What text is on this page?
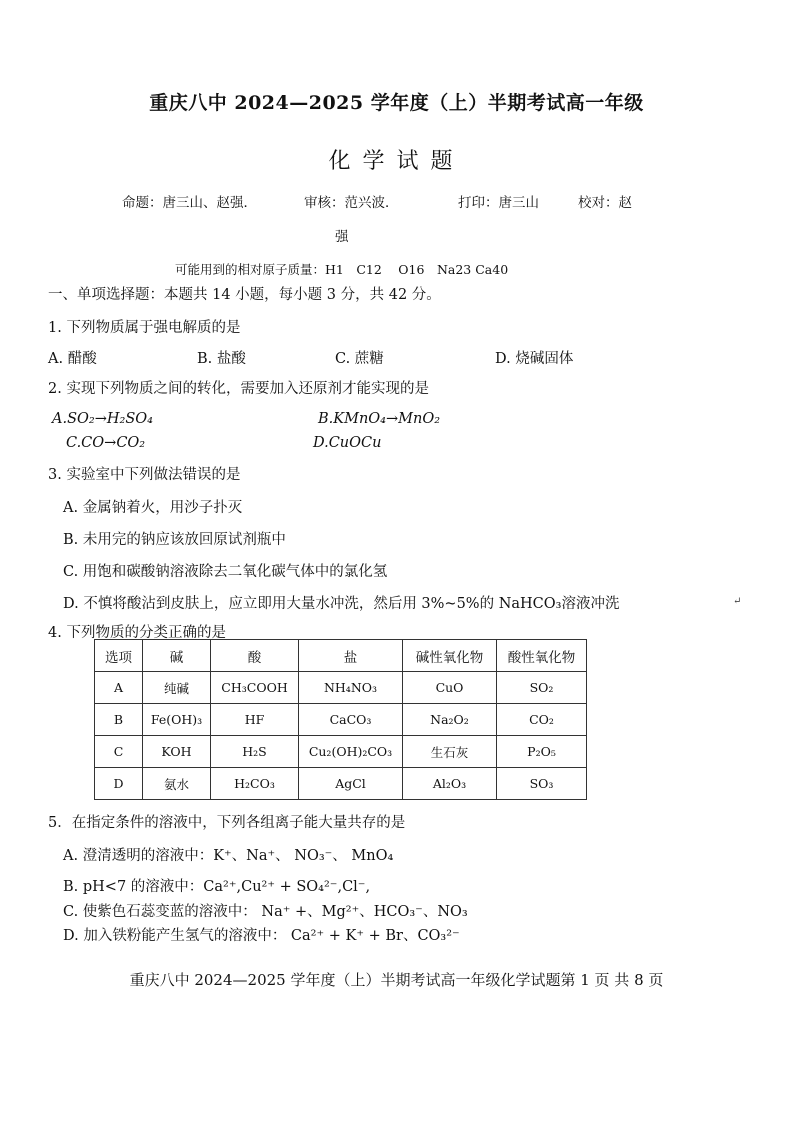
重庆八中 2024—2025 学年度（上）半期考试高一年级
化学试题
命题：唐三山、赵强．	审核：范兴波．	打印：唐三山	校对：赵
强
可能用到的相对原子质量：H1　C12　 O16　Na23 Ca40
一、单项选择题：本题共 14 小题，每小题 3 分，共 42 分。
1. 下列物质属于强电解质的是
A. 醋酸	B. 盐酸	C. 蔗糖	D. 烧碱固体
2. 实现下列物质之间的转化，需要加入还原剂才能实现的是
A.SO₂→H₂SO₄	B.KMnO₄→MnO₂
C.CO→CO₂	D.CuOCu
3. 实验室中下列做法错误的是
A. 金属钠着火，用沙子扑灭
B. 未用完的钠应该放回原试剂瓶中
C. 用饱和碳酸钠溶液除去二氧化碳气体中的氯化氢
D. 不慎将酸沾到皮肤上，应立即用大量水冲洗，然后用 3%~5%的 NaHCO₃溶液冲洗	↵
4. 下列物质的分类正确的是
选项	碱	酸	盐	碱性氧化物	酸性氧化物
A	纯碱	CH₃COOH	NH₄NO₃	CuO	SO₂
B	Fe(OH)₃	HF	CaCO₃	Na₂O₂	CO₂
C	KOH	H₂S	Cu₂(OH)₂CO₃	生石灰	P₂O₅
D	氨水	H₂CO₃	AgCl	Al₂O₃	SO₃
5．在指定条件的溶液中，下列各组离子能大量共存的是
A. 澄清透明的溶液中：K⁺、Na⁺、 NO₃⁻、 MnO₄
B. pH<7 的溶液中：Ca²⁺,Cu²⁺ + SO₄²⁻,Cl⁻,
C. 使紫色石蕊变蓝的溶液中： Na⁺ +、Mg²⁺、HCO₃⁻、NO₃
D. 加入铁粉能产生氢气的溶液中： Ca²⁺ + K⁺ + Br、CO₃²⁻
重庆八中 2024—2025 学年度（上）半期考试高一年级化学试题第 1 页 共 8 页
